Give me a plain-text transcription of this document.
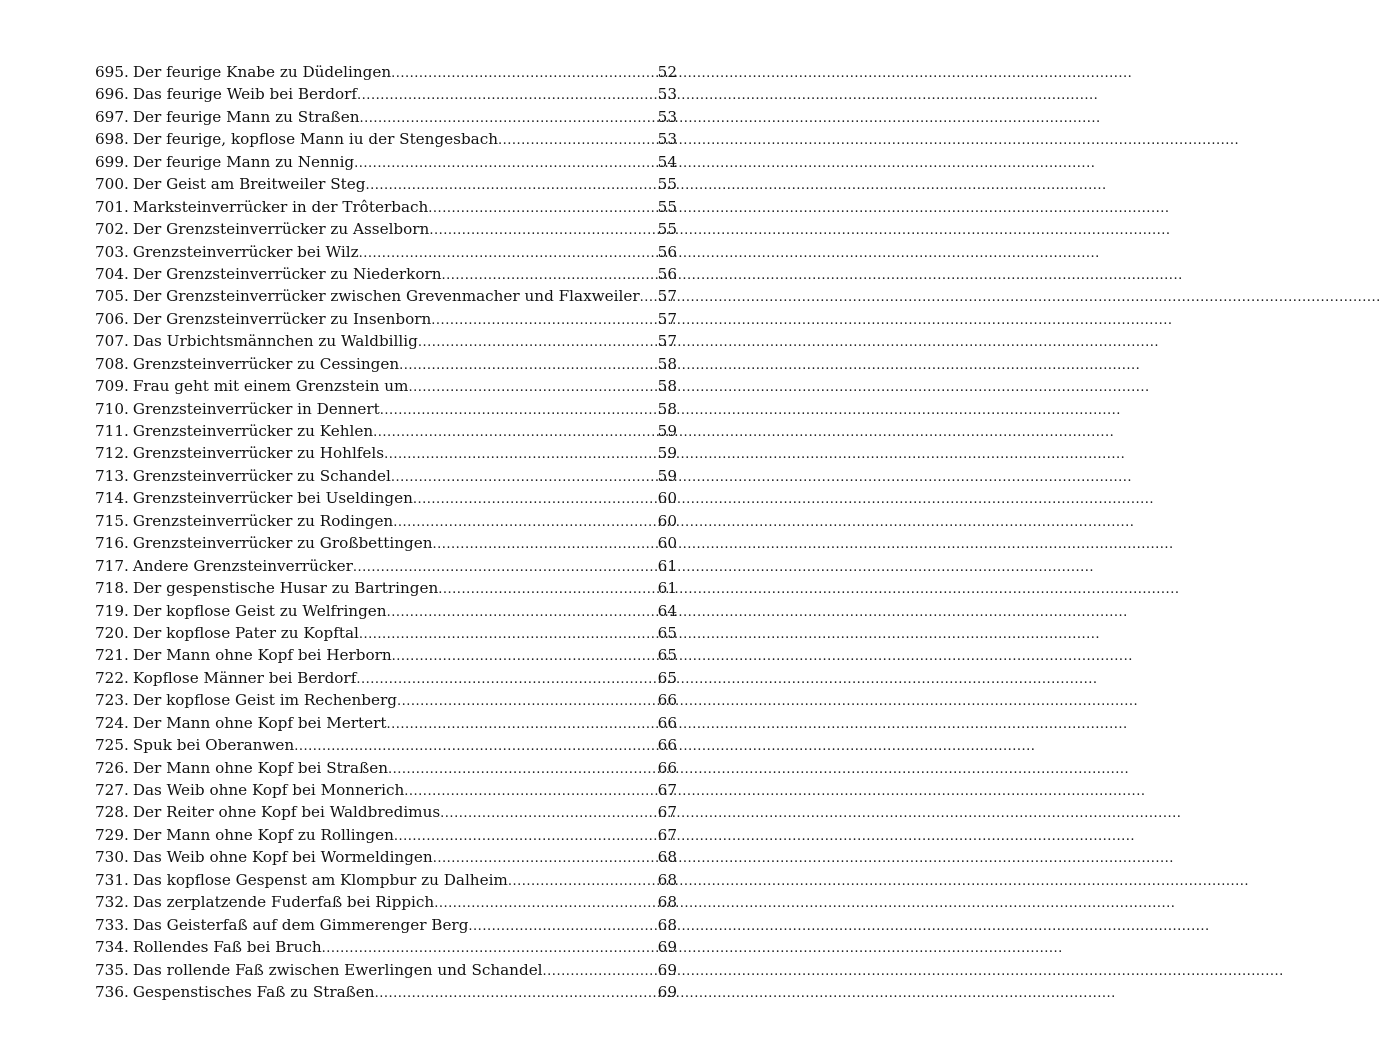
695. Der feurige Knabe zu Düdelingen .....	52
696. Das feurige Weib bei Berdorf .....	53
697. Der feurige Mann zu Straßen .....	53
698. Der feurige, kopflose Mann iu der Stengesbach .....	53
699. Der feurige Mann zu Nennig .....	54
700. Der Geist am Breitweiler Steg .....	55
701. Marksteinverrücker in der Trôterbach .....	55
702. Der Grenzsteinverrücker zu Asselborn .....	55
703. Grenzsteinverrücker bei Wilz .....	56
704. Der Grenzsteinverrücker zu Niederkorn .....	56
705. Der Grenzsteinverrücker zwischen Grevenmacher und Flaxweiler ..... 57
706. Der Grenzsteinverrücker zu Insenborn .....	57
707. Das Urbichtsmännchen zu Waldbillig .....	57
708. Grenzsteinverrücker zu Cessingen .....	58
709. Frau geht mit einem Grenzstein um .....	58
710. Grenzsteinverrücker in Dennert .....	58
711. Grenzsteinverrücker zu Kehlen .....	59
712. Grenzsteinverrücker zu Hohlfels .....	59
713. Grenzsteinverrücker zu Schandel .....	59
714. Grenzsteinverrücker bei Useldingen .....	60
715. Grenzsteinverrücker zu Rodingen .....	60
716. Grenzsteinverrücker zu Großbettingen .....	60
717. Andere Grenzsteinverrücker .....	61
718. Der gespenstische Husar zu Bartringen .....	61
719. Der kopflose Geist zu Welfringen .....	64
720. Der kopflose Pater zu Kopftal .....	65
721. Der Mann ohne Kopf bei Herborn .....	65
722. Kopflose Männer bei Berdorf .....	65
723. Der kopflose Geist im Rechenberg .....	66
724. Der Mann ohne Kopf bei Mertert .....	66
725. Spuk bei Oberanwen .....	66
726. Der Mann ohne Kopf bei Straßen .....	66
727. Das Weib ohne Kopf bei Monnerich .....	67
728. Der Reiter ohne Kopf bei Waldbredimus .....	67
729. Der Mann ohne Kopf zu Rollingen .....	67
730. Das Weib ohne Kopf bei Wormeldingen .....	68
731. Das kopflose Gespenst am Klompbur zu Dalheim .....	68
732. Das zerplatzende Fuderfaß bei Rippich .....	68
733. Das Geisterfaß auf dem Gimmerenger Berg .....	68
734. Rollendes Faß bei Bruch .....	69
735. Das rollende Faß zwischen Ewerlingen und Schandel .....	69
736. Gespenstisches Faß zu Straßen .....	69
